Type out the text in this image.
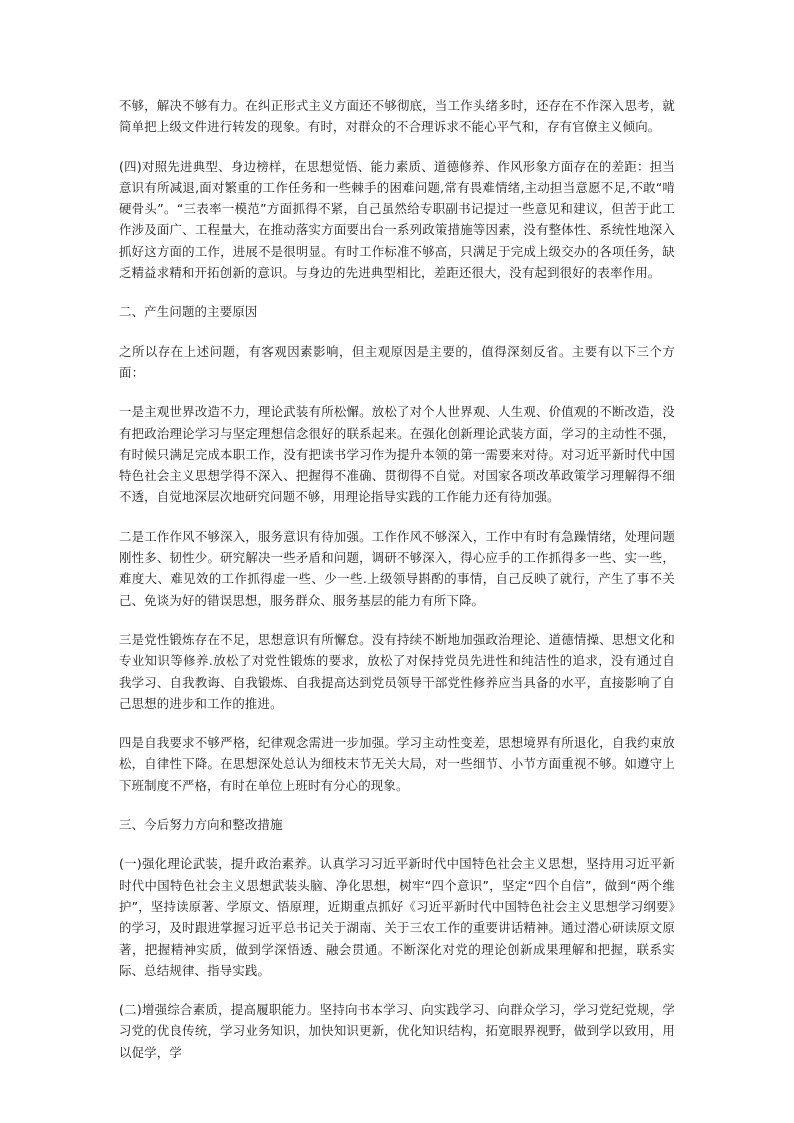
不够，解决不够有力。在纠正形式主义方面还不够彻底，当工作头绪多时，还存在不作深入思考，就简单把上级文件进行转发的现象。有时，对群众的不合理诉求不能心平气和，存有官僚主义倾向。

(四)对照先进典型、身边榜样，在思想觉悟、能力素质、道德修养、作风形象方面存在的差距：担当意识有所减退,面对繁重的工作任务和一些棘手的困难问题,常有畏难情绪,主动担当意愿不足,不敢“啃硬骨头”。“三表率一模范”方面抓得不紧，自己虽然给专职副书记提过一些意见和建议，但苦于此工作涉及面广、工程量大，在推动落实方面要出台一系列政策措施等因素，没有整体性、系统性地深入抓好这方面的工作，进展不是很明显。有时工作标准不够高，只满足于完成上级交办的各项任务，缺乏精益求精和开拓创新的意识。与身边的先进典型相比，差距还很大，没有起到很好的表率作用。

二、产生问题的主要原因

之所以存在上述问题，有客观因素影响，但主观原因是主要的，值得深刻反省。主要有以下三个方面：

一是主观世界改造不力，理论武装有所松懈。放松了对个人世界观、人生观、价值观的不断改造，没有把政治理论学习与坚定理想信念很好的联系起来。在强化创新理论武装方面，学习的主动性不强，有时候只满足完成本职工作，没有把读书学习作为提升本领的第一需要来对待。对习近平新时代中国特色社会主义思想学得不深入、把握得不准确、贯彻得不自觉。对国家各项改革政策学习理解得不细不透，自觉地深层次地研究问题不够，用理论指导实践的工作能力还有待加强。

二是工作作风不够深入，服务意识有待加强。工作作风不够深入，工作中有时有急躁情绪，处理问题刚性多、韧性少。研究解决一些矛盾和问题，调研不够深入，得心应手的工作抓得多一些、实一些，难度大、难见效的工作抓得虚一些、少一些.上级领导斟酌的事情，自己反映了就行，产生了事不关己、免谈为好的错误思想，服务群众、服务基层的能力有所下降。

三是党性锻炼存在不足，思想意识有所懈怠。没有持续不断地加强政治理论、道德情操、思想文化和专业知识等修养.放松了对党性锻炼的要求，放松了对保持党员先进性和纯洁性的追求，没有通过自我学习、自我教诲、自我锻炼、自我提高达到党员领导干部党性修养应当具备的水平，直接影响了自己思想的进步和工作的推进。

四是自我要求不够严格，纪律观念需进一步加强。学习主动性变差，思想境界有所退化，自我约束放松，自律性下降。在思想深处总认为细枝末节无关大局，对一些细节、小节方面重视不够。如遵守上下班制度不严格，有时在单位上班时有分心的现象。

三、今后努力方向和整改措施

(一)强化理论武装，提升政治素养。认真学习习近平新时代中国特色社会主义思想，坚持用习近平新时代中国特色社会主义思想武装头脑、净化思想，树牢“四个意识”，坚定“四个自信”，做到“两个维护”，坚持读原著、学原文、悟原理，近期重点抓好《习近平新时代中国特色社会主义思想学习纲要》的学习，及时跟进掌握习近平总书记关于湖南、关于三农工作的重要讲话精神。通过潜心研读原文原著，把握精神实质，做到学深悟透、融会贯通。不断深化对党的理论创新成果理解和把握，联系实际、总结规律、指导实践。

(二)增强综合素质，提高履职能力。坚持向书本学习、向实践学习、向群众学习，学习党纪党规，学习党的优良传统，学习业务知识，加快知识更新，优化知识结构，拓宽眼界视野，做到学以致用，用以促学，学
